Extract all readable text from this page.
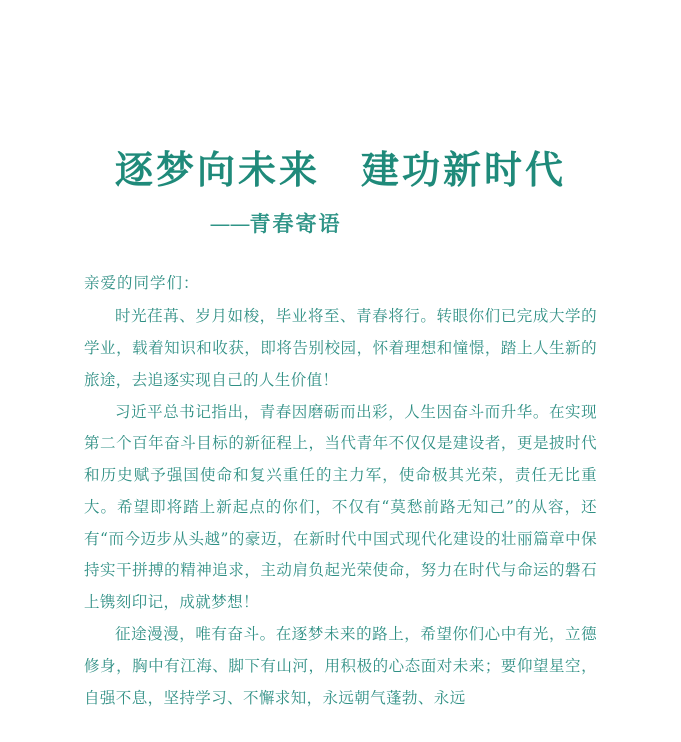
逐梦向未来　建功新时代
——青春寄语
亲爱的同学们：

时光荏苒、岁月如梭，毕业将至、青春将行。转眼你们已完成大学的学业，载着知识和收获，即将告别校园，怀着理想和憧憬，踏上人生新的旅途，去追逐实现自己的人生价值！

习近平总书记指出，青春因磨砺而出彩，人生因奋斗而升华。在实现第二个百年奋斗目标的新征程上，当代青年不仅仅是建设者，更是披时代和历史赋予强国使命和复兴重任的主力军，使命极其光荣，责任无比重大。希望即将踏上新起点的你们，不仅有“莫愁前路无知己”的从容，还有“而今迈步从头越”的豪迈，在新时代中国式现代化建设的壮丽篇章中保持实干拼搏的精神追求，主动肩负起光荣使命，努力在时代与命运的磐石上镌刻印记，成就梦想！

征途漫漫，唯有奋斗。在逐梦未来的路上，希望你们心中有光，立德修身，胸中有江海、脚下有山河，用积极的心态面对未来；要仰望星空，自强不息，坚持学习、不懈求知，永远朝气蓬勃、永远
